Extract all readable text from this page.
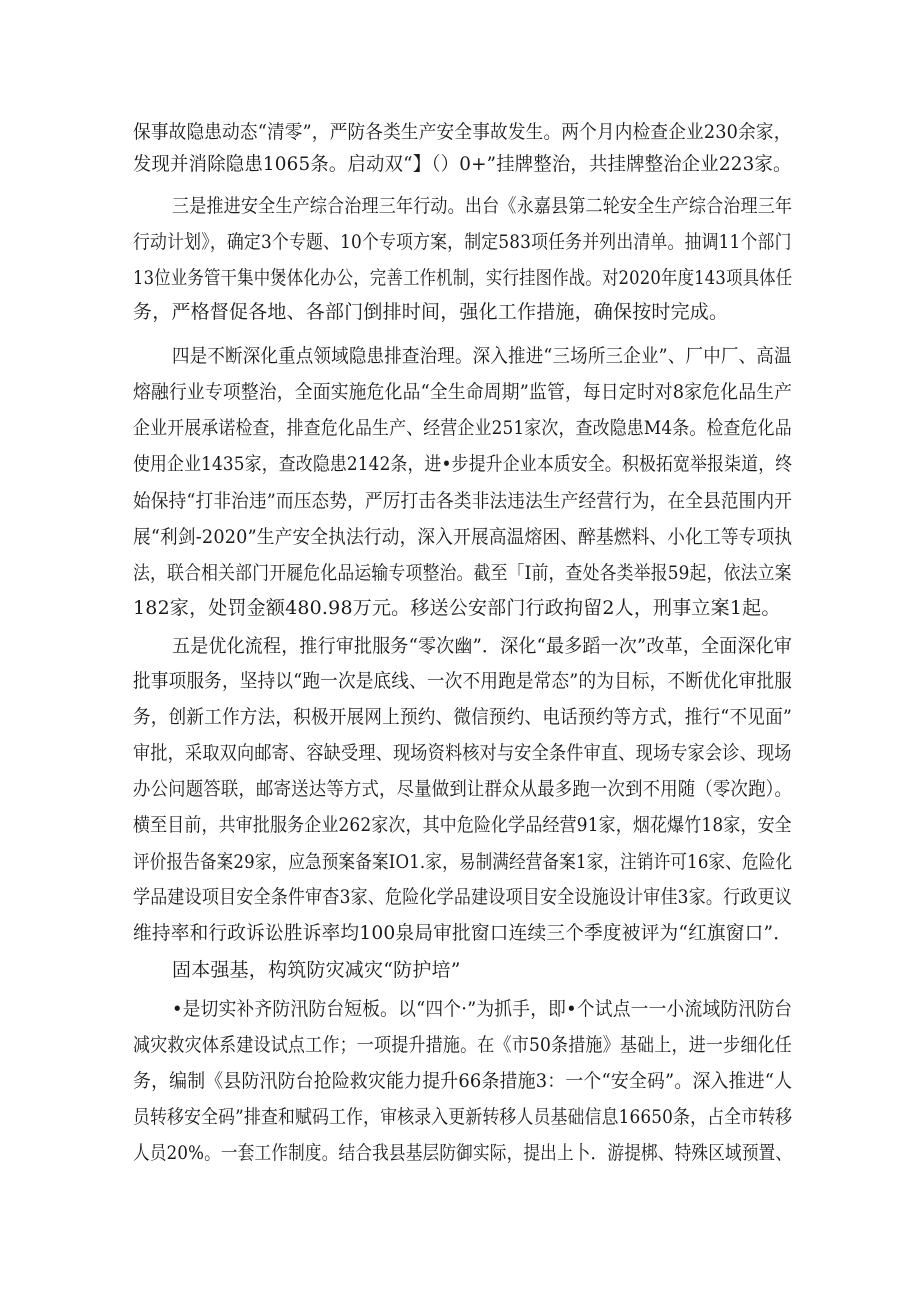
保事故隐患动态“清零”，严防各类生产安全事故发生。两个月内检查企业230余家，
发现并消除隐患1065条。启动双“】（）0+”挂牌整治，共挂牌整治企业223家。
三是推进安全生产综合治理三年行动。出台《永嘉县第二轮安全生产综合治理三年
行动计划》，确定3个专题、10个专项方案，制定583项任务并列出清单。抽调11个部门
13位业务管干集中煲体化办公，完善工作机制，实行挂图作战。对2020年度143项具体任
务，严格督促各地、各部门倒排时间，强化工作措施，确保按时完成。
四是不断深化重点领域隐患排查治理。深入推进“三场所三企业”、厂中厂、高温
熔融行业专项整治，全面实施危化品“全生命周期”监管，每日定时对8家危化品生产
企业开展承诺检查，排查危化品生产、经营企业251家次，查改隐患M4条。检查危化品
使用企业1435家，查改隐患2142条，进•步提升企业本质安全。积极拓宽举报柒道，终
始保持“打非治违”而压态势，严厉打击各类非法违法生产经营行为，在全县范围内开
展“利剑-2020”生产安全执法行动，深入开展高温熔困、醉基燃料、小化工等专项执
法，联合相关部门开屣危化品运输专项整治。截至「I前，查处各类举报59起，依法立案
182家，处罚金额480.98万元。移送公安部门行政拘留2人，刑事立案1起。
五是优化流程，推行审批服务“零次幽”．深化“最多蹈一次”改革，全面深化审
批事项服务，坚持以“跑一次是底线、一次不用跑是常态”的为目标，不断优化审批服
务，创新工作方法，积极开展网上预约、微信预约、电话预约等方式，推行“不见面”
审批，采取双向邮寄、容缺受理、现场资料核对与安全条件审直、现场专家会诊、现场
办公问题答联，邮寄送达等方式，尽量做到让群众从最多跑一次到不用随（零次跑）。
横至目前，共审批服务企业262家次，其中危险化学品经营91家，烟花爆竹18家，安全
评价报告备案29家，应急预案备案IO1.家，易制满经营备案1家，注销许可16家、危险化
学品建设项目安全条件审杳3家、危险化学品建设项目安全设施设计审佳3家。行政更议
维持率和行政诉讼胜诉率均100泉局审批窗口连续三个季度被评为“红旗窗口”．
固本强基，构筑防灾减灾“防护培”
•是切实补齐防汛防台短板。以“四个·”为抓手，即•个试点一一小流域防汛防台
减灾救灾体系建设试点工作；一项提升措施。在《市50条措施》基础上，进一步细化任
务，编制《县防汛防台抢险救灾能力提升66条措施3：一个“安全码”。深入推进“人
员转移安全码”排查和赋码工作，审核录入更新转移人员基础信息16650条，占全市转移
人员20%。一套工作制度。结合我县基层防御实际，提出上卜．游提梆、特殊区域预置、
